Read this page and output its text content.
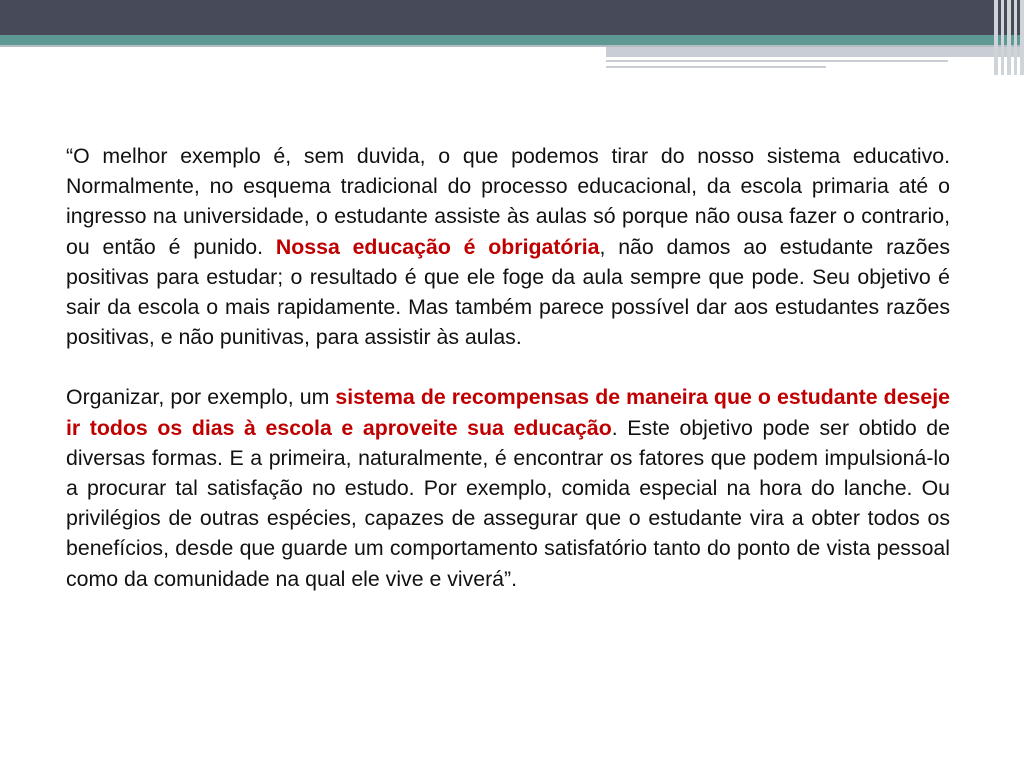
“O melhor exemplo é, sem duvida, o que podemos tirar do nosso sistema educativo. Normalmente, no esquema tradicional do processo educacional, da escola primaria até o ingresso na universidade, o estudante assiste às aulas só porque não ousa fazer o contrario, ou então é punido. Nossa educação é obrigatória, não damos ao estudante razões positivas para estudar; o resultado é que ele foge da aula sempre que pode. Seu objetivo é sair da escola o mais rapidamente. Mas também parece possível dar aos estudantes razões positivas, e não punitivas, para assistir às aulas.

Organizar, por exemplo, um sistema de recompensas de maneira que o estudante deseje ir todos os dias à escola e aproveite sua educação. Este objetivo pode ser obtido de diversas formas. E a primeira, naturalmente, é encontrar os fatores que podem impulsioná-lo a procurar tal satisfação no estudo. Por exemplo, comida especial na hora do lanche. Ou privilégios de outras espécies, capazes de assegurar que o estudante vira a obter todos os benefícios, desde que guarde um comportamento satisfatório tanto do ponto de vista pessoal como da comunidade na qual ele vive e viverá”.
